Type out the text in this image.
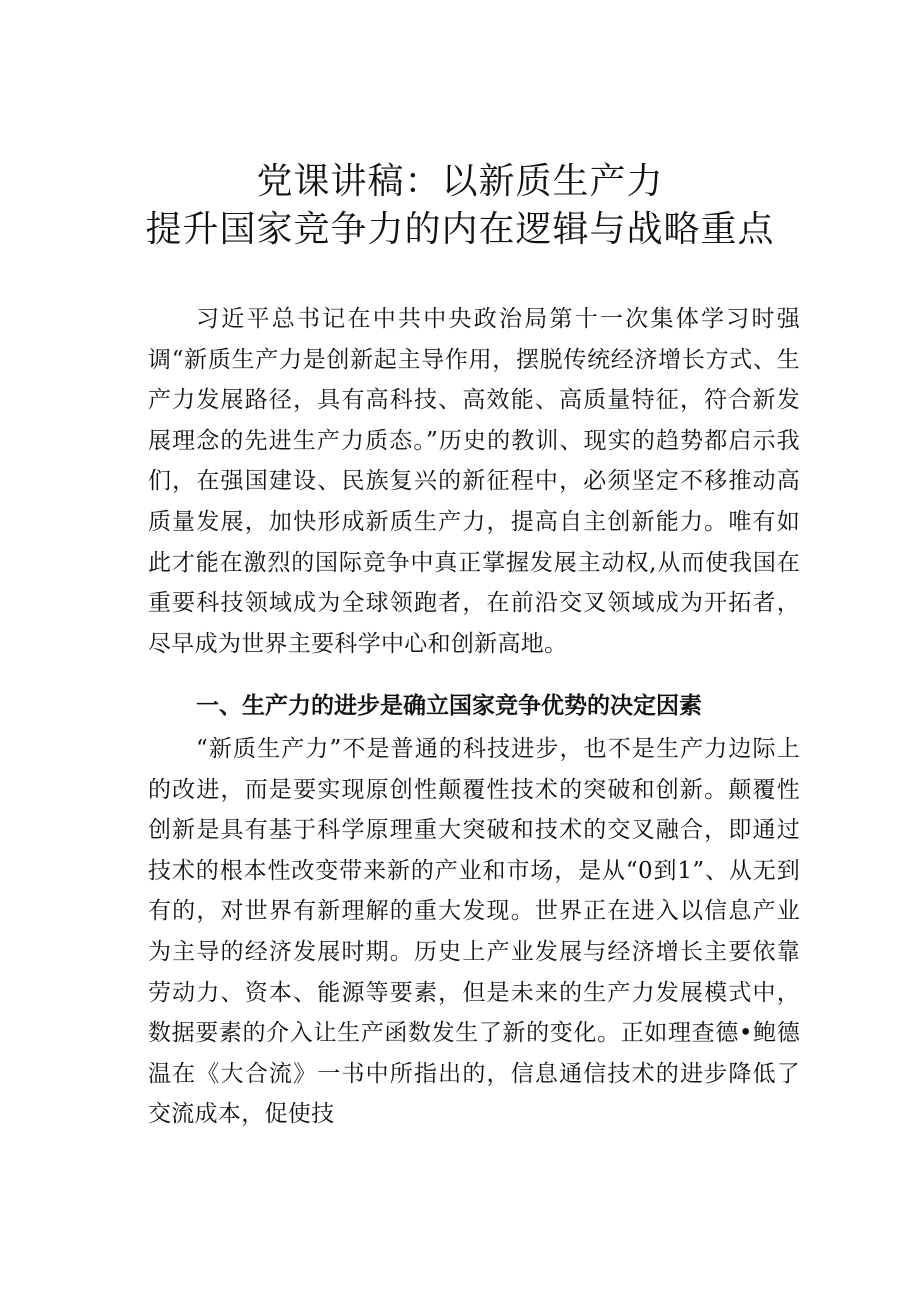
党课讲稿：以新质生产力
提升国家竞争力的内在逻辑与战略重点

习近平总书记在中共中央政治局第十一次集体学习时强调“新质生产力是创新起主导作用，摆脱传统经济增长方式、生产力发展路径，具有高科技、高效能、高质量特征，符合新发展理念的先进生产力质态。”历史的教训、现实的趋势都启示我们，在强国建设、民族复兴的新征程中，必须坚定不移推动高质量发展，加快形成新质生产力，提高自主创新能力。唯有如此才能在激烈的国际竞争中真正掌握发展主动权,从而使我国在重要科技领域成为全球领跑者，在前沿交叉领域成为开拓者，尽早成为世界主要科学中心和创新高地。

一、生产力的进步是确立国家竞争优势的决定因素

“新质生产力”不是普通的科技进步，也不是生产力边际上的改进，而是要实现原创性颠覆性技术的突破和创新。颠覆性创新是具有基于科学原理重大突破和技术的交叉融合，即通过技术的根本性改变带来新的产业和市场，是从“0到1”、从无到有的，对世界有新理解的重大发现。世界正在进入以信息产业为主导的经济发展时期。历史上产业发展与经济增长主要依靠劳动力、资本、能源等要素，但是未来的生产力发展模式中，数据要素的介入让生产函数发生了新的变化。正如理查德•鲍德温在《大合流》一书中所指出的，信息通信技术的进步降低了交流成本，促使技
